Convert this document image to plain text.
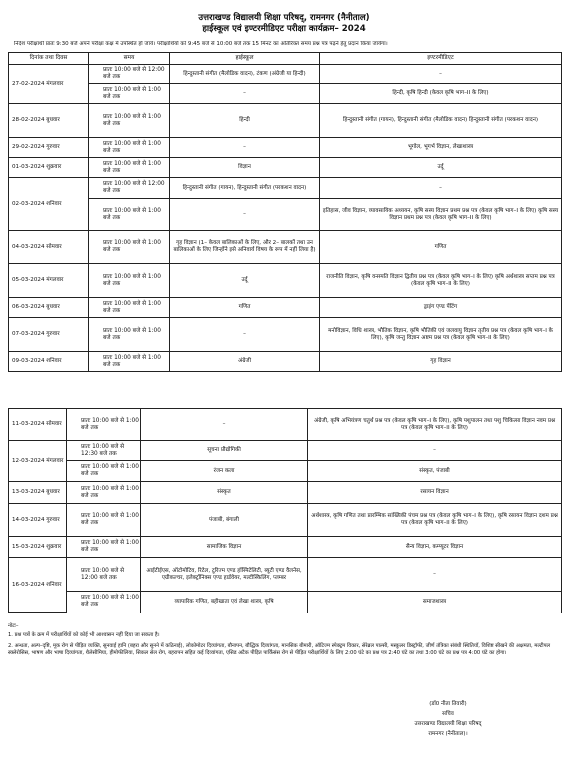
उत्तराखण्ड विद्यालयी शिक्षा परिषद्, रामनगर (नैनीताल)
हाईस्कूल एवं इण्टरमीडिएट परीक्षा कार्यक्रम– 2024
निर्देश परीक्षार्थी प्रातः 9:30 बजे अपने परीक्षा कक्ष में उपस्थित हो जायें। परीक्षार्थियों को 9:45 बजे से 10:00 बजे तक 15 मिनट का अतिरिक्त समय प्रश्न पत्र पढ़ने हेतु प्रदान किया जायेगा।
दिनांक तथा दिवस	समय	हाईस्कूल	इण्टरमीडिएट
27-02-2024 मंगलवार	प्रातः 10:00 बजे से 12:00 बजे तक	हिन्दुस्तानी संगीत (मैलोडिक वादन), टंकण (अंग्रेजी या हिन्दी)	–
	प्रातः 10:00 बजे से 1:00 बजे तक	–	हिन्दी, कृषि हिन्दी (केवल कृषि भाग–II के लिए)
28-02-2024 बुधवार	प्रातः 10:00 बजे से 1:00 बजे तक	हिन्दी	हिन्दुस्तानी संगीत (गायन), हिन्दुस्तानी संगीत (मैलोडिक वादन) हिन्दुस्तानी संगीत (परकशन वादन)
29-02-2024 गुरुवार	प्रातः 10:00 बजे से 1:00 बजे तक	–	भूगोल, भूगर्भ विज्ञान, लेखाशास्त्र
01-03-2024 शुक्रवार	प्रातः 10:00 बजे से 1:00 बजे तक	विज्ञान	उर्दू
02-03-2024 शनिवार	प्रातः 10:00 बजे से 12:00 बजे तक	हिन्दुस्तानी संगीत (गायन), हिन्दुस्तानी संगीत (परकशन वादन)	–
	प्रातः 10:00 बजे से 1:00 बजे तक	–	इतिहास, जीव विज्ञान, व्यावसायिक अध्ययन, कृषि सस्य विज्ञान प्रथम प्रश्न पत्र (केवल कृषि भाग–I के लिए) कृषि सस्य विज्ञान प्रथम प्रश्न पत्र (केवल कृषि भाग–II के लिए)
04-03-2024 सोमवार	प्रातः 10:00 बजे से 1:00 बजे तक	गृह विज्ञान (1– केवल बालिकाओं के लिए, और 2– बालकों तथा उन बालिकाओं के लिए जिन्होंने इसे अनिवार्य विषय के रूप में नहीं लिया है)	गणित
05-03-2024 मंगलवार	प्रातः 10:00 बजे से 1:00 बजे तक	उर्दू	राजनीति विज्ञान, कृषि वनस्पति विज्ञान द्वितीय प्रश्न पत्र (केवल कृषि भाग–I के लिए) कृषि अर्थशास्त्र सप्तम प्रश्न पत्र (केवल कृषि भाग–II के लिए)
06-03-2024 बुधवार	प्रातः 10:00 बजे से 1:00 बजे तक	गणित	ड्राइंग एण्ड पेंटिंग
07-03-2024 गुरुवार	प्रातः 10:00 बजे से 1:00 बजे तक	–	मनोविज्ञान, विधि शास्त्र, भौतिक विज्ञान, कृषि भौतिकी एवं जलवायु विज्ञान तृतीय प्रश्न पत्र (केवल कृषि भाग–I के लिए), कृषि जन्तु विज्ञान अष्टम प्रश्न पत्र (केवल कृषि भाग–II के लिए)
09-03-2024 शनिवार	प्रातः 10:00 बजे से 1:00 बजे तक	अंग्रेजी	गृह विज्ञान
11-03-2024 सोमवार	प्रातः 10:00 बजे से 1:00 बजे तक	–	अंग्रेजी, कृषि अभियंत्रण चतुर्थ प्रश्न पत्र (केवल कृषि भाग–I के लिए), कृषि पशुपालन तथा पशु चिकित्सा विज्ञान नवम प्रश्न पत्र (केवल कृषि भाग–II के लिए)
12-03-2024 मंगलवार	प्रातः 10:00 बजे से 12:30 बजे तक	सूचना प्रौद्योगिकी	–
	प्रातः 10:00 बजे से 1:00 बजे तक	रंजन कला	संस्कृत, पंजाबी
13-03-2024 बुधवार	प्रातः 10:00 बजे से 1:00 बजे तक	संस्कृत	रसायन विज्ञान
14-03-2024 गुरुवार	प्रातः 10:00 बजे से 1:00 बजे तक	पंजाबी, बंगाली	अर्थशास्त्र, कृषि गणित तथा प्रारम्भिक सांख्यिकी पंचम प्रश्न पत्र (केवल कृषि भाग–I के लिए), कृषि रसायन विज्ञान दशम प्रश्न पत्र (केवल कृषि भाग–II के लिए)
15-03-2024 शुक्रवार	प्रातः 10:00 बजे से 1:00 बजे तक	सामाजिक विज्ञान	सैन्य विज्ञान, कम्प्यूटर विज्ञान
16-03-2024 शनिवार	प्रातः 10:00 बजे से 12:00 बजे तक	आईटीईएस, ऑटोमोटिव, रिटेल, टूरिज्म एण्ड हॉस्पिटेलिटी, ब्यूटी एण्ड वैलनेस, एग्रीकल्चर, इलेक्ट्रॉनिक्स एण्ड हार्डवेयर, मल्टीस्किलिंग, प्लम्बर	–
	प्रातः 10:00 बजे से 1:00 बजे तक	व्यापारिक गणित, बहीखाता एवं लेखा शास्त्र, कृषि	समाजशास्त्र
नोटः–
1. प्रश्न पत्रों के क्रम में परीक्षार्थियों को कोई भी आश्वासन नहीं दिया जा सकता है।
2. अन्धता, अल्प–दृष्टि, मूक रोग से पीड़ित व्यक्ति, सुनवाई हानि (बहरा और सुनने में कठिनाई), लोकोमोटर दिव्यांगता, बौनापन, बौद्धिक दिव्यांगता, मानसिक बीमारी, ऑटिज्म स्पेक्ट्रम विकार, सेरेब्रल पाल्सी, मस्कुलर डिस्ट्रॉफी, जीर्ण तंत्रिका संबंधी स्थितियाँ, विशिष्ट सीखने की अक्षमता, मल्टीपल स्क्लेरोसिस, भाषण और भाषा दिव्यांगता, थैलेसीमिया, हीमोफीलिया, सिकल सेल रोग, बहरापन सहित कई दिव्यांगता, एसिड अटैक पीड़ित पार्किंसंस रोग से पीड़ित परीक्षार्थियों के लिए 2:00 घंटे का प्रश्न पत्र 2:40 घंटे का तथा 3:00 घंटे का प्रश्न पत्र 4:00 घंटे का होगा।
(डॉ0 नीता तिवारी)
सचिव
उत्तराखण्ड विद्यालयी शिक्षा परिषद्
रामनगर (नैनीताल)।
